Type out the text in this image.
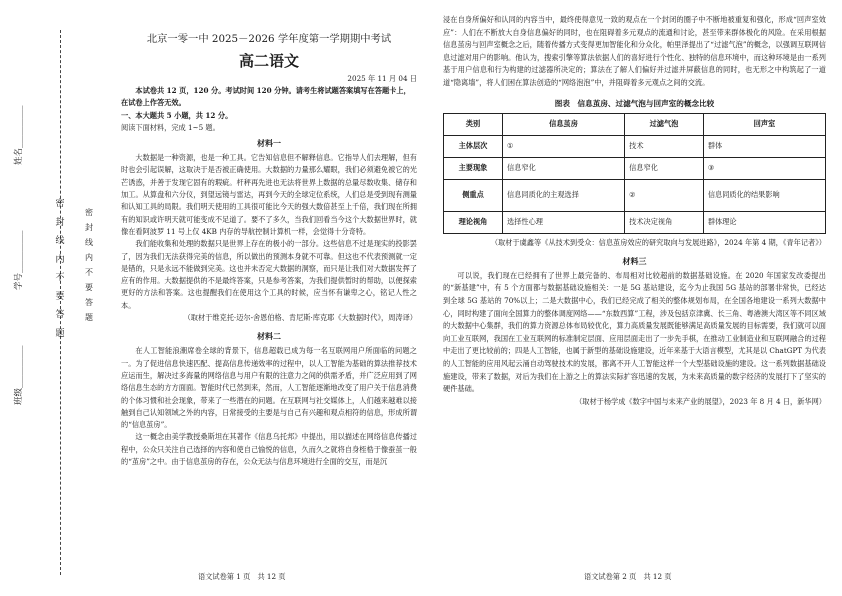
班级__________
学号__________
姓名__________
密
封
线
内
不
要
答
题
密
封
线
内
不
要
答
题

北京一零一中 2025－2026 学年度第一学期期中考试

高二语文

2025 年 11 月 04 日

本试卷共 12 页，120 分。考试时间 120 分钟。请考生将试题答案填写在答题卡上，在试卷上作答无效。

一、本大题共 5 小题，共 12 分。

阅读下面材料，完成 1~5 题。

材料一

大数据是一种资源，也是一种工具。它告知信息但不解释信息。它指导人们去理解，但有时也会引起误解，这取决于是否被正确使用。大数据的力量那么耀眼，我们必须避免被它的光芒诱惑，并善于发现它固有的瑕疵。杆秤再先进也无法将世界上数据的总量尽数收集、储存和加工。从算盘和六分仪，到望远镜与雷达，再到今天的全球定位系统，人们总是受到现有测量和认知工具的局限。我们明天使用的工具很可能比今天的强大数倍甚至上千倍，我们现在所拥有的知识或许明天就可能变成不足道了。要不了多久，当我们回看当今这个大数据世界时，就像在看阿波罗 11 号上仅 4KB 内存的导航控制计算机一样，会觉得十分奇特。

我们能收集和处理的数据只是世界上存在的极小的一部分。这些信息不过是现实的投影罢了，因为我们无法获得完美的信息，所以做出的预测本身就不可靠。但这也不代表预测就一定是错的，只是永远不能做到完美。这也并未否定大数据的洞察，而只是让我们对大数据发挥了应有的作用。大数据提供的不是最终答案，只是参考答案，为我们提供暂时的帮助，以便探索更好的方法和答案。这也提醒我们在使用这个工具的时候，应当怀有谦卑之心，铭记人性之本。

（取材于维克托·迈尔-舍恩伯格、肯尼斯·库克耶《大数据时代》，周涛译）

材料二

在人工智能浪潮席卷全球的背景下，信息超载已成为每一名互联网用户所面临的问题之一。为了促进信息快速匹配、提高信息传递效率的过程中，以人工智能为基础的算法推荐技术应运而生，解决过多海量的网络信息与用户有限的注意力之间的供需矛盾，并广泛应用到了网络信息生态的方方面面。智能时代已然到来，然而，人工智能逐渐地改变了用户关于信息消费的个体习惯和社会现象，带来了一些潜在的问题。在互联网与社交媒体上，人们越来越难以接触到自己认知领域之外的内容，日常接受的主要是与自己有兴趣和观点相符的信息，形成所谓的“信息茧房”。

这一概念由美学教授桑斯坦在其著作《信息乌托邦》中提出，用以描述在网络信息传播过程中，公众只关注自己选择的内容和使自己愉悦的信息，久而久之就将自身桎梏于像蚕茧一般的“茧房”之中。由于信息茧房的存在，公众无法与信息环境进行全面的交互，而是沉

语文试卷第 1 页　共 12 页

浸在自身所偏好和认同的内容当中，最终使得意见一致的观点在一个封闭的圈子中不断地被重复和强化，形成“回声室效应”：人们在不断放大自身信息偏好的同时，也在阻碍着多元观点的流通和讨论，甚至带来群体极化的风险。在采用根据信息茧房与回声室概念之后，随着传播方式变得更加智能化和分众化，帕里泽提出了“过滤气泡”的概念，以强调互联网信息过滤对用户的影响。他认为，搜索引擎等算法依据人们的喜好进行个性化、独特的信息环境中，而这种环境是由一系列基于用户信息和行为构建的过滤器所决定的；算法在了解人们偏好并过滤并屏蔽信息的同时，也无形之中构筑起了一道道“隐离墙”，将人们困在算法创造的“网络泡泡”中，并阻碍着多元观点之间的交流。

图表　信息茧房、过滤气泡与回声室的概念比较

类别	信息茧房	过滤气泡	回声室
主体层次	①	技术	群体
主要现象	信息窄化	信息窄化	③
侧重点	信息同质化的主观选择	②	信息同质化的结果影响
理论视角	选择性心理	技术决定视角	群体理论

（取材于虞鑫等《从技术到受众：信息茧房效应的研究取向与发展进路》，2024 年第 4 期，《青年记者》）

材料三

可以说，我们现在已经拥有了世界上最完备的、布局相对比较超前的数据基础设施。在 2020 年国家发改委提出的“新基建”中，有 5 个方面都与数据基础设施相关：一是 5G 基站建设，迄今为止我国 5G 基站的部署非常快，已经达到全球 5G 基站的 70%以上；二是大数据中心，我们已经完成了相关的整体规划布局，在全国各地建设一系列大数据中心，同时构建了面向全国算力的整体调度网络——“东数西算”工程，涉及包括京津冀、长三角、粤港澳大湾区等不同区域的大数据中心集群，我们的算力资源总体布局较优化，算力高质量发展既能够满足高质量发展的目标需要，我们就可以面向工业互联网，我国在工业互联网的标准制定层面、应用层面走出了一步先手棋，在推动工业制造业和互联网融合的过程中走出了更比较前的；四是人工智能，也属于新型的基础设施建设，近年来基于大语言模型，尤其是以 ChatGPT 为代表的人工智能的应用风起云涌自动驾驶技术的发展，都离不开人工智能这样一个大型基础设施的建设。这一系列数据基础设施建设，带来了数据，对后为我们在上游之上的算法实际扩容迅速的发展，为未来高质量的数字经济的发展打下了坚实的硬件基础。

（取材于杨学成《数字中国与未来产业的展望》，2023 年 8 月 4 日，新华网）

语文试卷第 2 页　共 12 页
